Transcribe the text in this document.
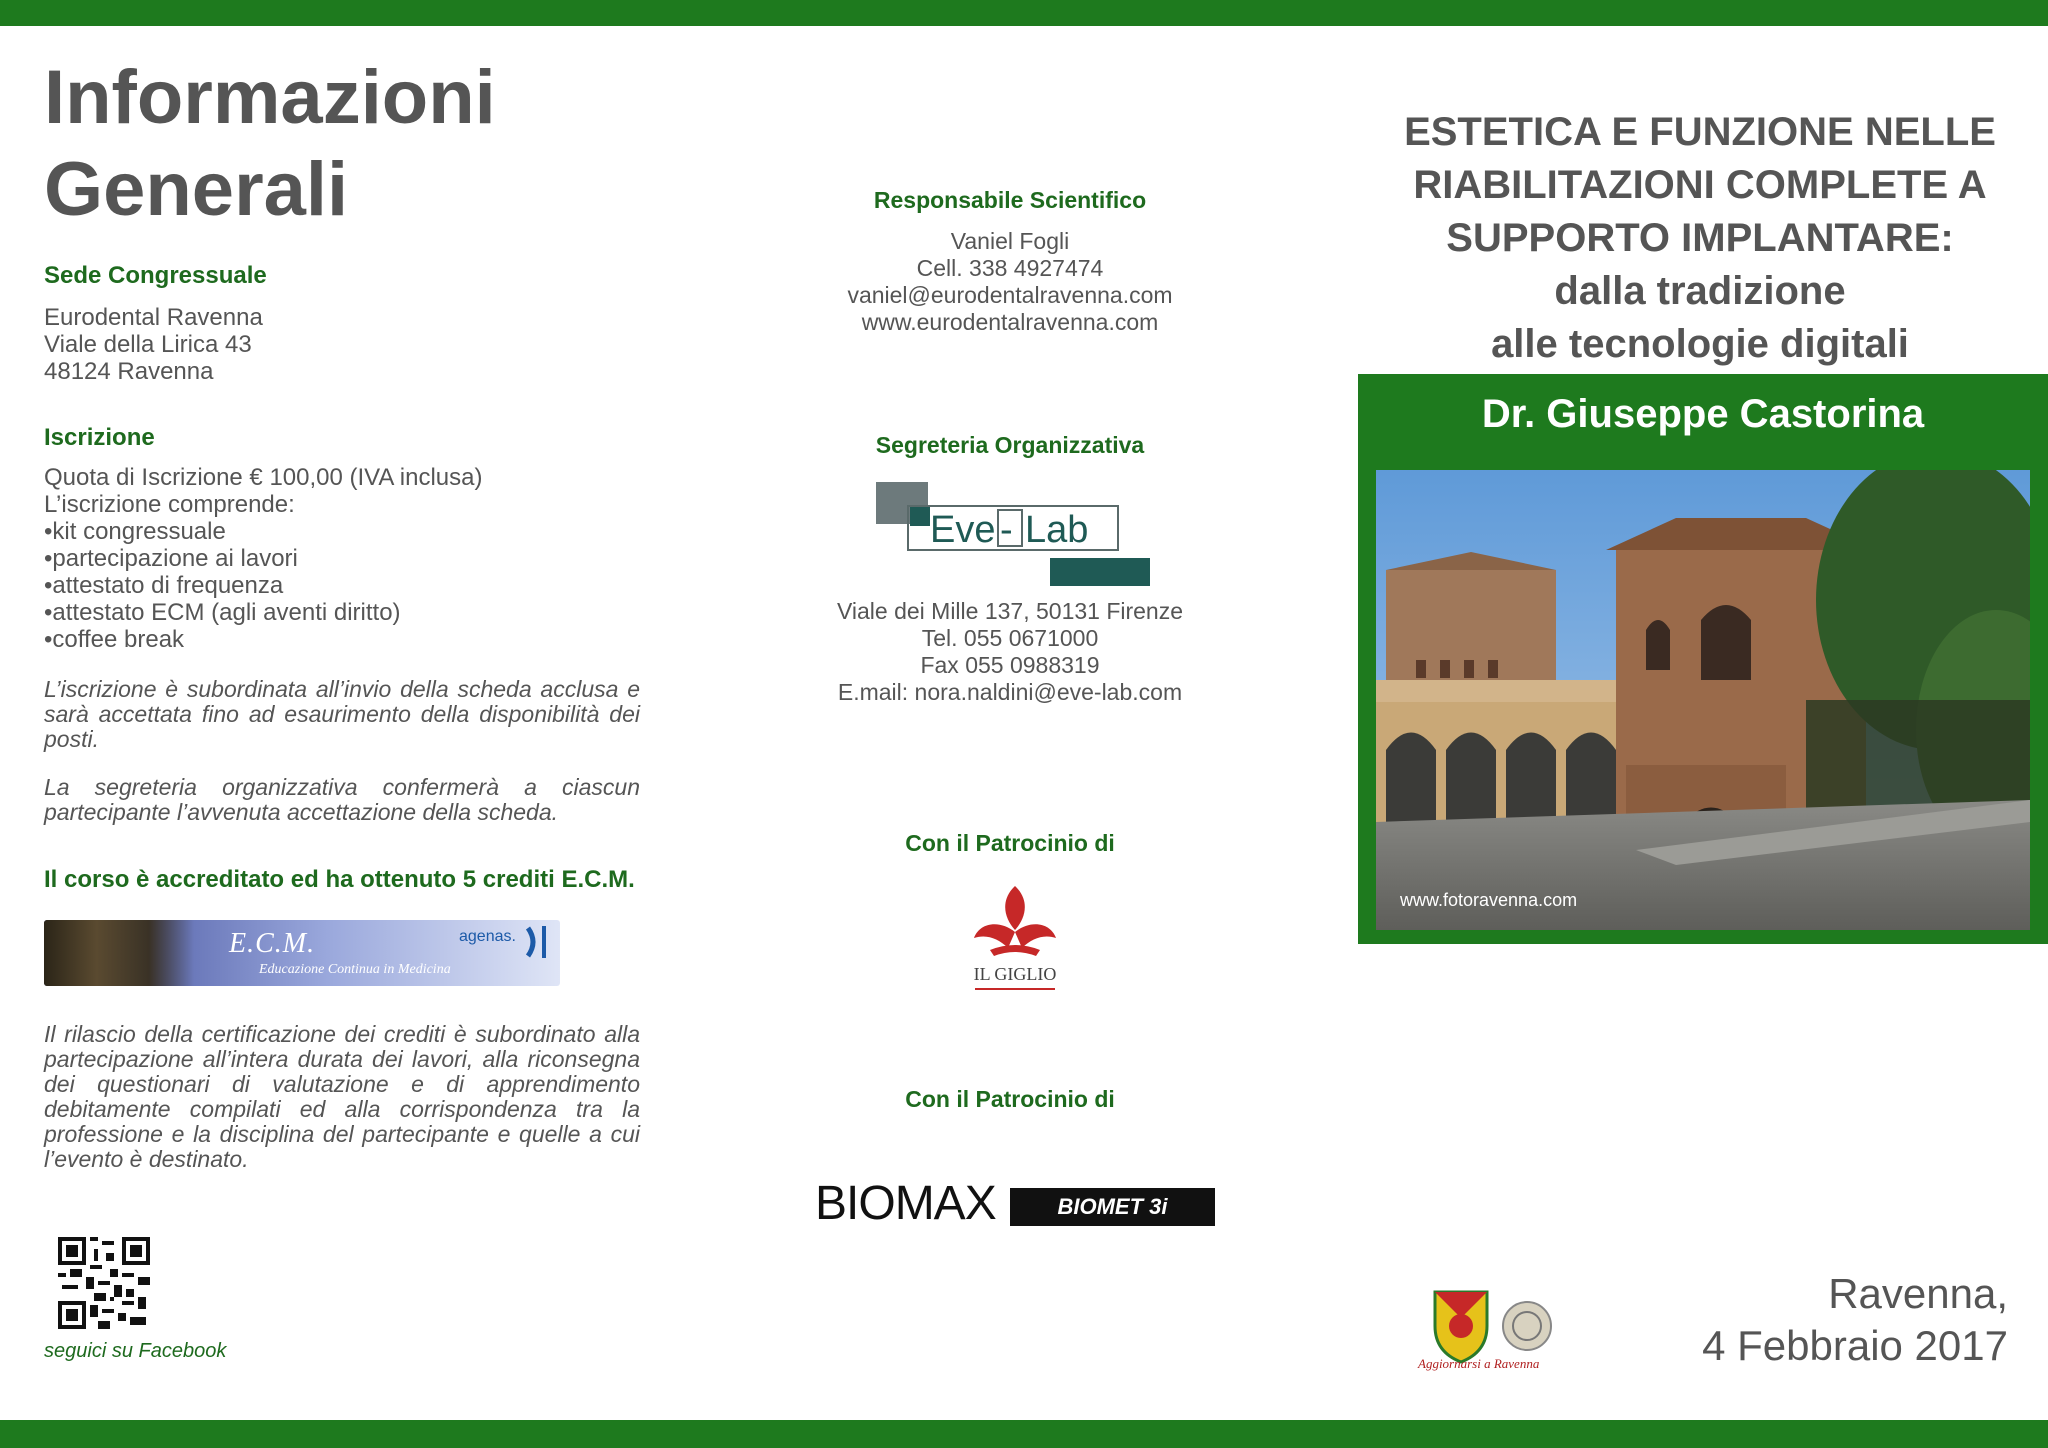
Informazioni
Generali
Sede Congressuale
Eurodental Ravenna
Viale della Lirica 43
48124 Ravenna
Iscrizione
Quota di Iscrizione € 100,00 (IVA inclusa)
L’iscrizione comprende:
•kit congressuale
•partecipazione ai lavori
•attestato di frequenza
•attestato ECM (agli aventi diritto)
•coffee break
L’iscrizione è subordinata all’invio della scheda acclusa e sarà accettata fino ad esaurimento della disponibilità dei posti.
La segreteria organizzativa confermerà a ciascun partecipante l’avvenuta accettazione della scheda.
Il corso è accreditato ed ha ottenuto 5 crediti E.C.M.
E.C.M.
Educazione Continua in Medicina
agenas.
Il rilascio della certificazione dei crediti è subordinato alla partecipazione all’intera durata dei lavori, alla riconsegna dei questionari di valutazione e di apprendimento debitamente compilati ed alla corrispondenza tra la professione e la disciplina del partecipante e quelle a cui l’evento è destinato.
seguici su Facebook
Responsabile Scientifico
Vaniel Fogli
Cell. 338 4927474
vaniel@eurodentalravenna.com
www.eurodentalravenna.com
Segreteria Organizzativa
Eve - Lab
Viale dei Mille 137, 50131 Firenze
Tel. 055 0671000
Fax 055 0988319
E.mail: nora.naldini@eve-lab.com
Con il Patrocinio di
IL GIGLIO
Con il Patrocinio di
BIOMAX	BIOMET 3i
ESTETICA E FUNZIONE NELLE
RIABILITAZIONI COMPLETE A
SUPPORTO IMPLANTARE:
dalla tradizione
alle tecnologie digitali
Dr. Giuseppe Castorina
www.fotoravenna.com
Aggiornarsi a Ravenna
Ravenna,
4 Febbraio 2017
